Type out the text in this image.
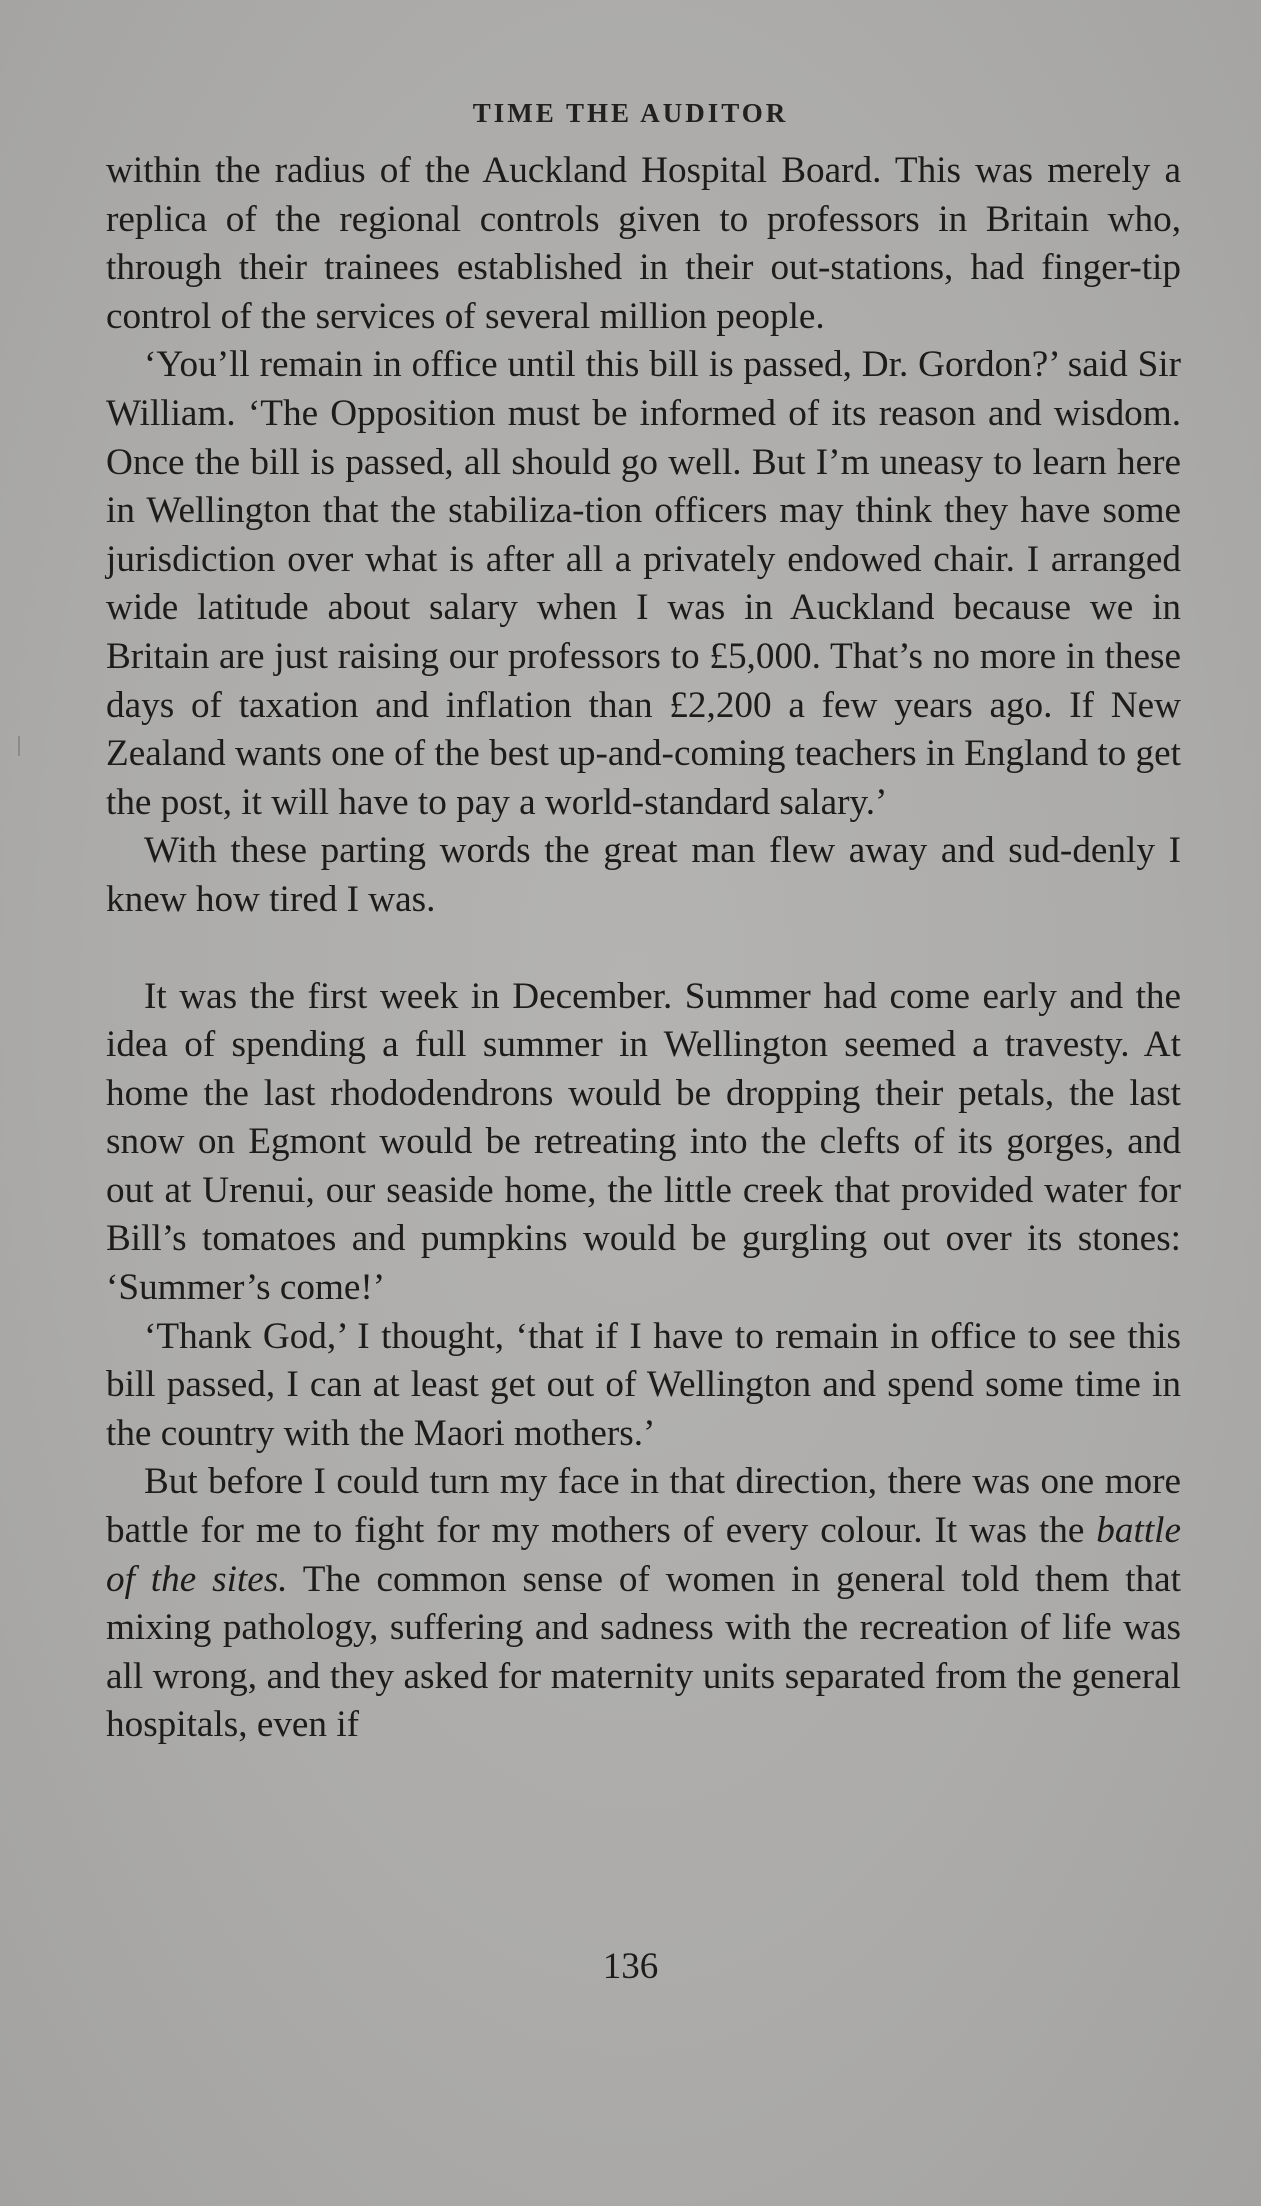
TIME THE AUDITOR

within the radius of the Auckland Hospital Board. This was merely a replica of the regional controls given to professors in Britain who, through their trainees established in their out-stations, had finger-tip control of the services of several million people.

‘You’ll remain in office until this bill is passed, Dr. Gordon?’ said Sir William. ‘The Opposition must be informed of its reason and wisdom. Once the bill is passed, all should go well. But I’m uneasy to learn here in Wellington that the stabiliza-tion officers may think they have some jurisdiction over what is after all a privately endowed chair. I arranged wide latitude about salary when I was in Auckland because we in Britain are just raising our professors to £5,000. That’s no more in these days of taxation and inflation than £2,200 a few years ago. If New Zealand wants one of the best up-and-coming teachers in England to get the post, it will have to pay a world-standard salary.’

With these parting words the great man flew away and sud-denly I knew how tired I was.

It was the first week in December. Summer had come early and the idea of spending a full summer in Wellington seemed a travesty. At home the last rhododendrons would be dropping their petals, the last snow on Egmont would be retreating into the clefts of its gorges, and out at Urenui, our seaside home, the little creek that provided water for Bill’s tomatoes and pumpkins would be gurgling out over its stones: ‘Summer’s come!’

‘Thank God,’ I thought, ‘that if I have to remain in office to see this bill passed, I can at least get out of Wellington and spend some time in the country with the Maori mothers.’

But before I could turn my face in that direction, there was one more battle for me to fight for my mothers of every colour. It was the battle of the sites. The common sense of women in general told them that mixing pathology, suffering and sadness with the recreation of life was all wrong, and they asked for maternity units separated from the general hospitals, even if

136
